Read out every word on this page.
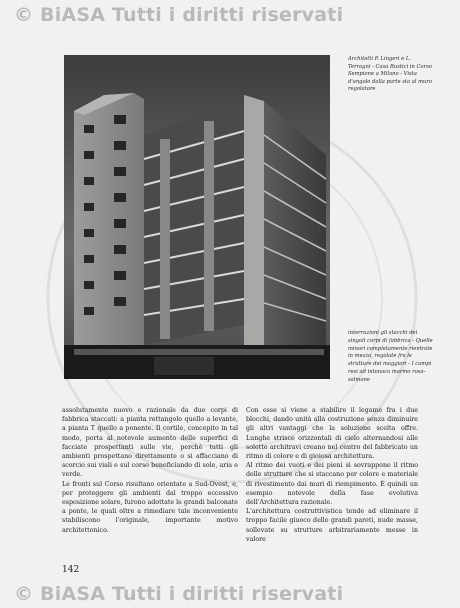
© BiASA Tutti i diritti riservati
Architetti P. Lingeri e L. Terragni - Casa Rustici in Corso Sempione a Milano - Vista d'angolo dalla parte sta al muro regolatore
interruzioni gli stacchi dei singoli corpi di fabbrica - Quelle minori completamente rientrate in mezzo, regolate fra le strutture dei maggiori - I campi resi ad intonaco marmo rosa-salmone

assolutamente nuovo e razionale da due corpi di fabbrica staccati: a pianta rettangolo quello a levante, a pianta T quello a ponente. Il cortile, concepito in tal modo, porta al notevole aumento delle superfici di facciate prospettanti sulle vie, perchè tutti gli ambienti prospettano direttamente o si affacciano di scorcio sui viali e sul corso beneficiando di sole, aria e verde.

Le fronti sul Corso risultano orientate a Sud-Ovest, e, per proteggere gli ambienti dal troppo eccessivo esposizione solare, furono adottate le grandi balconate a ponte, le quali oltre a rimediare tale inconveniente stabiliscono l'originale, importante motivo architettonico.

Con esse si viene a stabilire il legame fra i due blocchi, dando unità alla costruzione senza diminuire gli altri vantaggi che la soluzione scelta offre. Lunghe strisce orizzontali di cielo alternandosi alle solette architravi creano nel centro del fabbricato un ritmo di colore e di gioiosa architettura.

Al ritmo dei vuoti e dei pieni si sovrappone il ritmo delle strutture che si staccano per colore e materiale di rivestimento dai muri di riempimento. È quindi un esempio notevole della fase evolutiva dell'Architettura razionale.

L'architettura costruttivistica tende ad eliminare il troppo facile giuoco delle grandi pareti, nude masse, sollevate su strutture arbitrariamente messe in valore

142
© BiASA Tutti i diritti riservati
